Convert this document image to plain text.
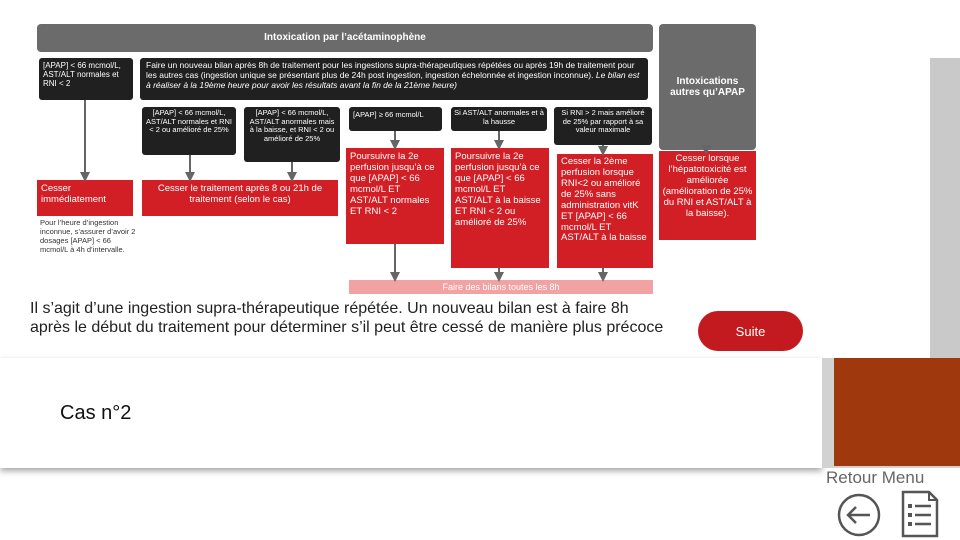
Intoxication par l’acétaminophène
Intoxications autres qu’APAP
[APAP] < 66 mcmol/L, AST/ALT normales et RNI < 2
Faire un nouveau bilan après 8h de traitement pour les ingestions supra-thérapeutiques répétées ou après 19h de traitement pour les autres cas (ingestion unique se présentant plus de 24h post ingestion, ingestion échelonnée et ingestion inconnue). Le bilan est à réaliser à la 19ème heure pour avoir les résultats avant la fin de la 21ème heure)
[APAP] < 66 mcmol/L, AST/ALT normales et RNI < 2 ou amélioré de 25%
[APAP] < 66 mcmol/L, AST/ALT anormales mais à la baisse, et RNI < 2 ou amélioré de 25%
[APAP] ≥ 66 mcmol/L	Si AST/ALT anormales et à la hausse
Si RNI > 2 mais amélioré de 25% par rapport à sa valeur maximale
Cesser immédiatement
Cesser le traitement après 8 ou 21h de traitement (selon le cas)
Poursuivre la 2e perfusion jusqu’à ce que [APAP] < 66 mcmol/L ET AST/ALT normales ET RNI < 2
Poursuivre la 2e perfusion jusqu’à ce que [APAP] < 66 mcmol/L ET AST/ALT à la baisse ET RNI < 2 ou amélioré de 25%
Cesser la 2ème perfusion lorsque RNI<2 ou amélioré de 25% sans administration vitK ET [APAP] < 66 mcmol/L ET AST/ALT à la baisse
Cesser lorsque l’hépatotoxicité est améliorée (amélioration de 25% du RNI et AST/ALT à la baisse).
Pour l’heure d’ingestion inconnue, s’assurer d’avoir 2 dosages [APAP] < 66 mcmol/L à 4h d’intervalle.
Faire des bilans toutes les 8h
Il s’agit d’une ingestion supra-thérapeutique répétée. Un nouveau bilan est à faire 8h après le début du traitement pour déterminer s’il peut être cessé de manière plus précoce	Suite
Cas n°2
Retour Menu
